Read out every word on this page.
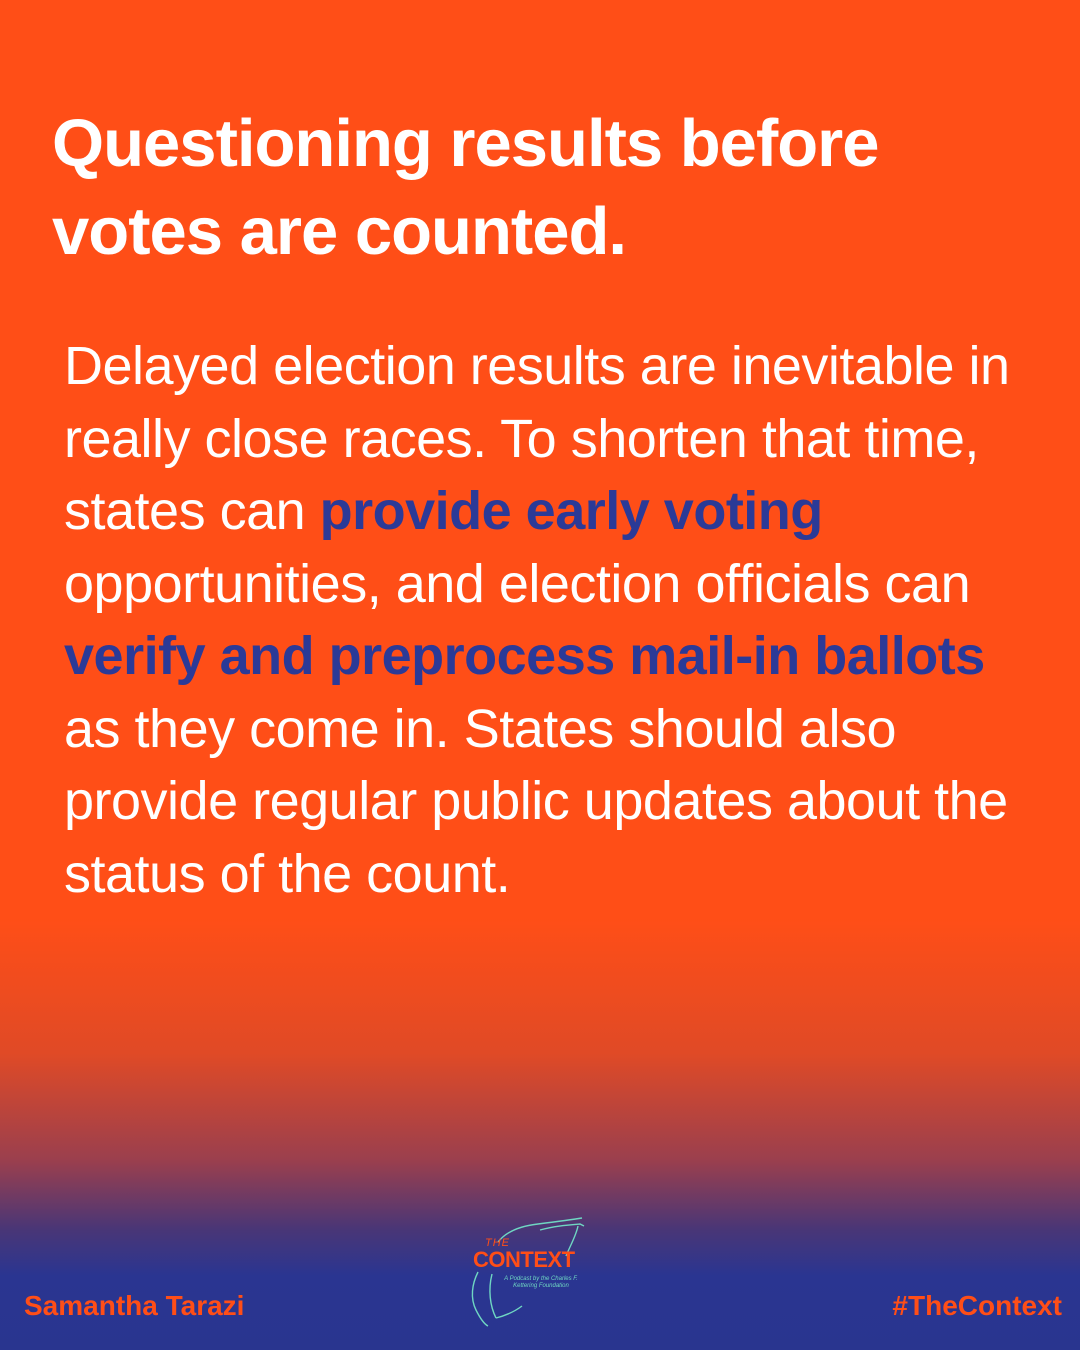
Questioning results before
votes are counted.

Delayed election results are inevitable in really close races. To shorten that time, states can provide early voting opportunities, and election officials can verify and preprocess mail-in ballots as they come in. States should also provide regular public updates about the status of the count.

THE
CONTEXT
A Podcast by the Charles F. Kettering Foundation
Samantha Tarazi	#TheContext
